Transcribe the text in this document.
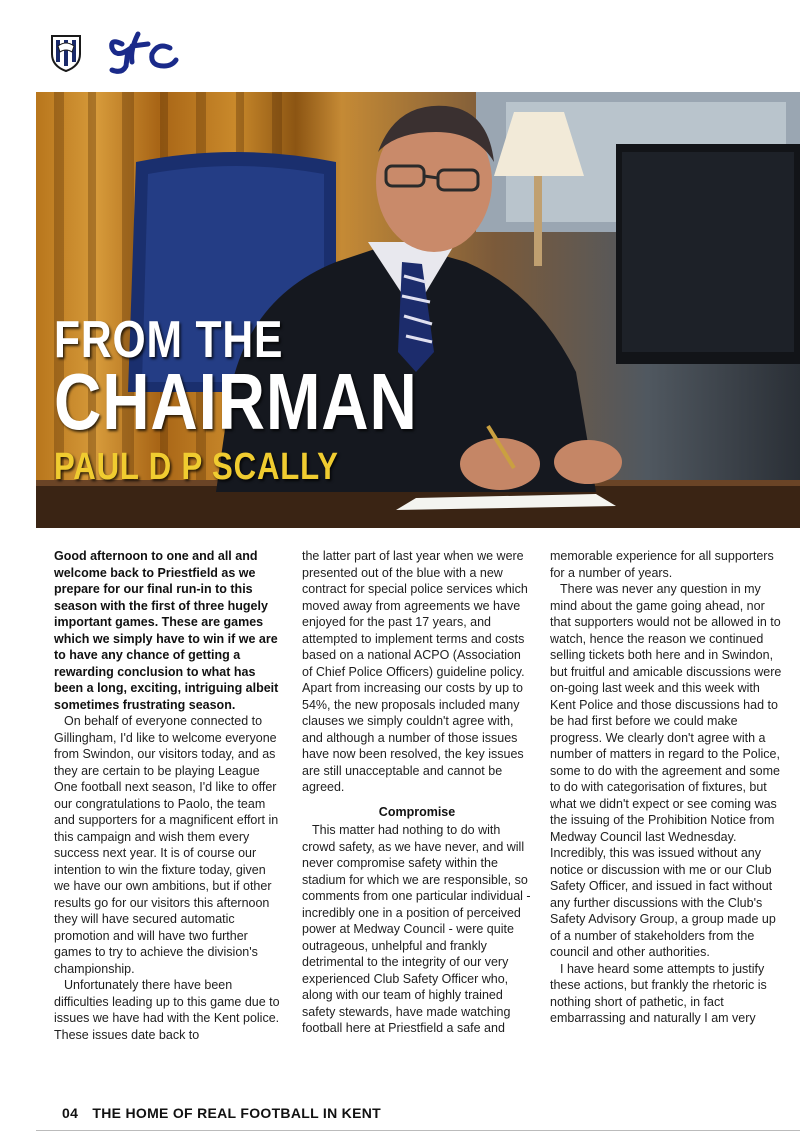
FROM THE
CHAIRMAN
PAUL D P SCALLY

Good afternoon to one and all and welcome back to Priestfield as we prepare for our final run-in to this season with the first of three hugely important games. These are games which we simply have to win if we are to have any chance of getting a rewarding conclusion to what has been a long, exciting, intriguing albeit sometimes frustrating season.

On behalf of everyone connected to Gillingham, I'd like to welcome everyone from Swindon, our visitors today, and as they are certain to be playing League One football next season, I'd like to offer our congratulations to Paolo, the team and supporters for a magnificent effort in this campaign and wish them every success next year. It is of course our intention to win the fixture today, given we have our own ambitions, but if other results go for our visitors this afternoon they will have secured automatic promotion and will have two further games to try to achieve the division's championship.

Unfortunately there have been difficulties leading up to this game due to issues we have had with the Kent police. These issues date back to

the latter part of last year when we were presented out of the blue with a new contract for special police services which moved away from agreements we have enjoyed for the past 17 years, and attempted to implement terms and costs based on a national ACPO (Association of Chief Police Officers) guideline policy. Apart from increasing our costs by up to 54%, the new proposals included many clauses we simply couldn't agree with, and although a number of those issues have now been resolved, the key issues are still unacceptable and cannot be agreed.

Compromise

This matter had nothing to do with crowd safety, as we have never, and will never compromise safety within the stadium for which we are responsible, so comments from one particular individual - incredibly one in a position of perceived power at Medway Council - were quite outrageous, unhelpful and frankly detrimental to the integrity of our very experienced Club Safety Officer who, along with our team of highly trained safety stewards, have made watching football here at Priestfield a safe and

memorable experience for all supporters for a number of years.

There was never any question in my mind about the game going ahead, nor that supporters would not be allowed in to watch, hence the reason we continued selling tickets both here and in Swindon, but fruitful and amicable discussions were on-going last week and this week with Kent Police and those discussions had to be had first before we could make progress. We clearly don't agree with a number of matters in regard to the Police, some to do with the agreement and some to do with categorisation of fixtures, but what we didn't expect or see coming was the issuing of the Prohibition Notice from Medway Council last Wednesday. Incredibly, this was issued without any notice or discussion with me or our Club Safety Officer, and issued in fact without any further discussions with the Club's Safety Advisory Group, a group made up of a number of stakeholders from the council and other authorities.

I have heard some attempts to justify these actions, but frankly the rhetoric is nothing short of pathetic, in fact embarrassing and naturally I am very

04 THE HOME OF REAL FOOTBALL IN KENT
